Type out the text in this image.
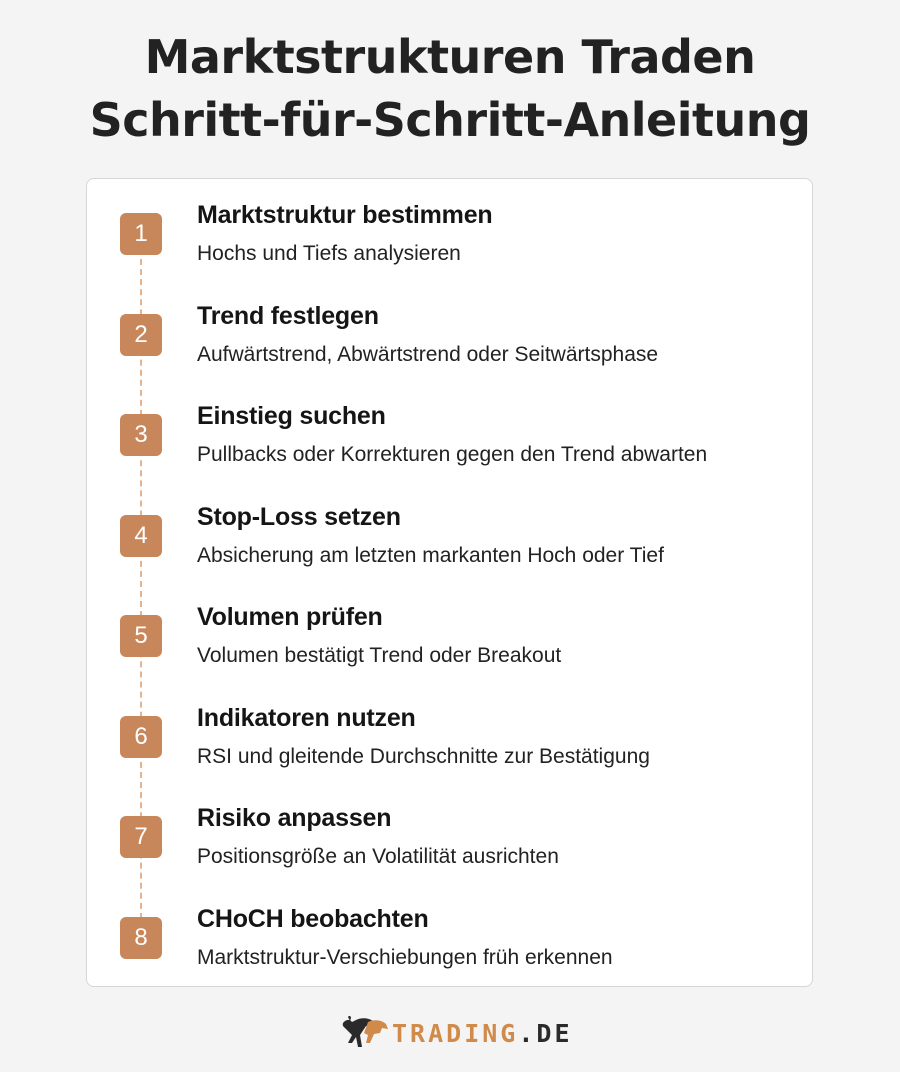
Marktstrukturen Traden
Schritt-für-Schritt-Anleitung
1
Marktstruktur bestimmen
Hochs und Tiefs analysieren
2
Trend festlegen
Aufwärtstrend, Abwärtstrend oder Seitwärtsphase
3
Einstieg suchen
Pullbacks oder Korrekturen gegen den Trend abwarten
4
Stop-Loss setzen
Absicherung am letzten markanten Hoch oder Tief
5
Volumen prüfen
Volumen bestätigt Trend oder Breakout
6
Indikatoren nutzen
RSI und gleitende Durchschnitte zur Bestätigung
7
Risiko anpassen
Positionsgröße an Volatilität ausrichten
8
CHoCH beobachten
Marktstruktur-Verschiebungen früh erkennen
TRADING.DE
